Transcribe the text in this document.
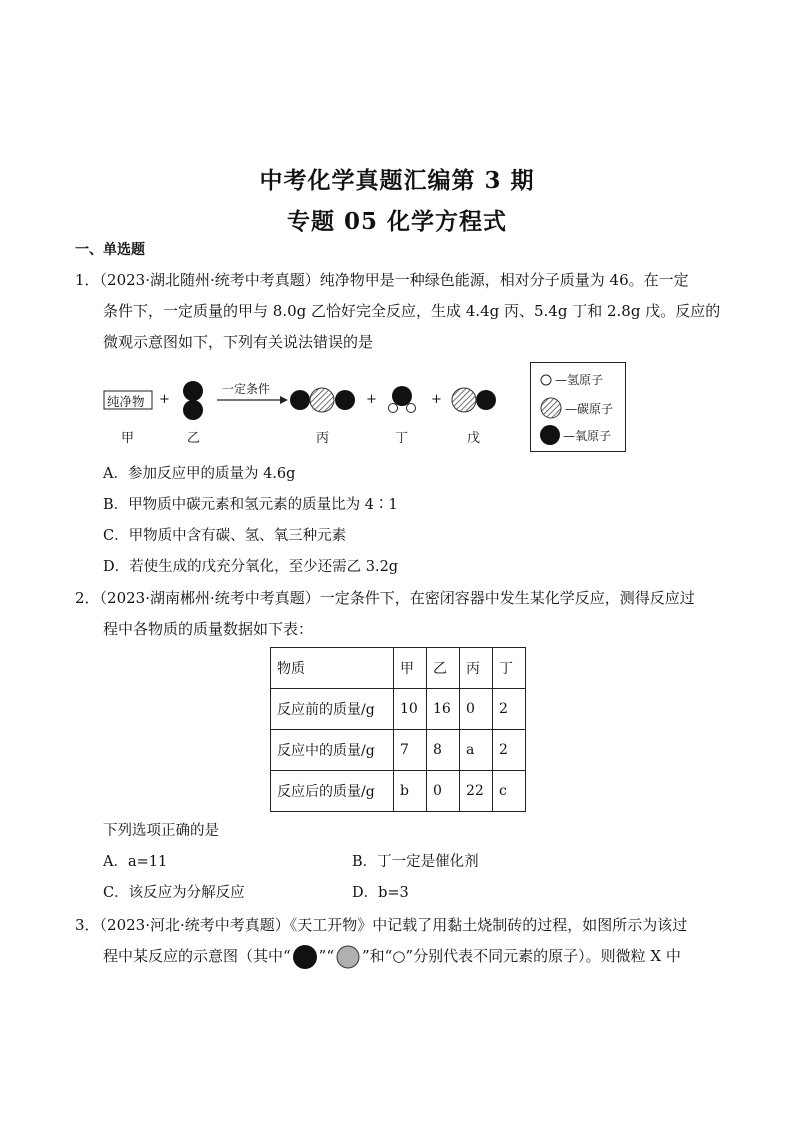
中考化学真题汇编第 3 期
专题 05 化学方程式
一、单选题
1．（2023·湖北随州·统考中考真题）纯净物甲是一种绿色能源，相对分子质量为 46。在一定
条件下，一定质量的甲与 8.0g 乙恰好完全反应，生成 4.4g 丙、5.4g 丁和 2.8g 戊。反应的
微观示意图如下，下列有关说法错误的是
纯净物 +
一定条件
+	+
甲	乙	丙	丁	戊
—氢原子
—碳原子
—氧原子
A．参加反应甲的质量为 4.6g
B．甲物质中碳元素和氢元素的质量比为 4∶1
C．甲物质中含有碳、氢、氧三种元素
D．若使生成的戊充分氧化，至少还需乙 3.2g
2．（2023·湖南郴州·统考中考真题）一定条件下，在密闭容器中发生某化学反应，测得反应过
程中各物质的质量数据如下表：
物质	甲	乙	丙	丁
反应前的质量/g	10	16	0	2
反应中的质量/g	7	8	a	2
反应后的质量/g	b	0	22	c
下列选项正确的是
A．a=11	B．丁一定是催化剂
C．该反应为分解反应	D．b=3
3．（2023·河北·统考中考真题）《天工开物》中记载了用黏土烧制砖的过程，如图所示为该过
程中某反应的示意图（其中“ ”“ ”和“○”分别代表不同元素的原子）。则微粒 X 中
